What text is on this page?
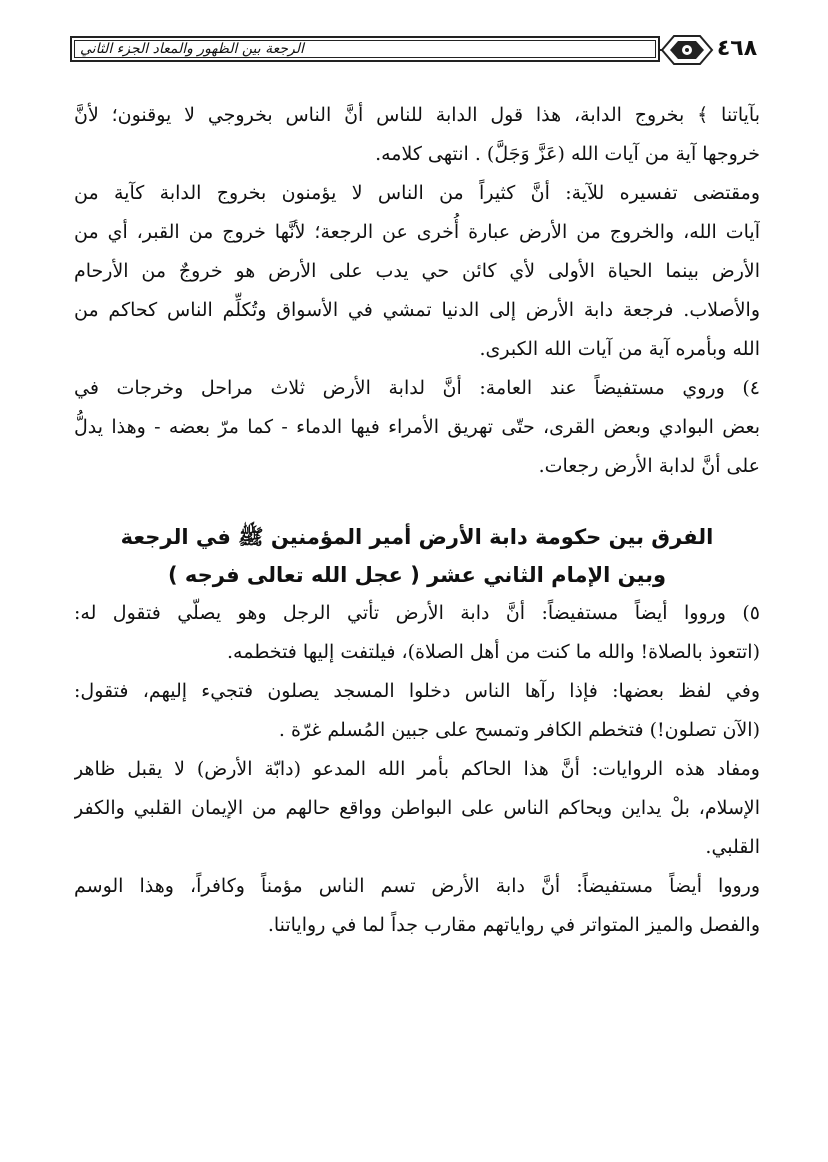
الرجعة بين الظهور والمعاد الجزء الثاني	٤٦٨
بآياتنا ﴾ بخروج الدابة، هذا قول الدابة للناس أنَّ الناس بخروجي لا يوقنون؛ لأنَّ
خروجها آية من آيات الله (عَزَّ وَجَلَّ) . انتهى كلامه.
ومقتضى تفسيره للآية: أنَّ كثيراً من الناس لا يؤمنون بخروج الدابة كآية من
آيات الله، والخروج من الأرض عبارة أُخرى عن الرجعة؛ لأنَّها خروج من القبر، أي من
الأرض بينما الحياة الأولى لأي كائن حي يدب على الأرض هو خروجٌ من الأرحام
والأصلاب. فرجعة دابة الأرض إلى الدنيا تمشي في الأسواق وتُكلِّم الناس كحاكم من
الله وبأمره آية من آيات الله الكبرى.
٤) وروي مستفيضاً عند العامة: أنَّ لدابة الأرض ثلاث مراحل وخرجات في
بعض البوادي وبعض القرى، حتّى تهريق الأمراء فيها الدماء - كما مرّ بعضه - وهذا يدلُّ
على أنَّ لدابة الأرض رجعات.
الفرق بين حكومة دابة الأرض أمير المؤمنين ﷺ في الرجعة
وبين الإمام الثاني عشر ( عجل الله تعالى فرجه )
٥) ورووا أيضاً مستفيضاً: أنَّ دابة الأرض تأتي الرجل وهو يصلّي فتقول له:
(اتتعوذ بالصلاة! والله ما كنت من أهل الصلاة)، فيلتفت إليها فتخطمه.
وفي لفظ بعضها: فإذا رآها الناس دخلوا المسجد يصلون فتجيء إليهم، فتقول:
(الآن تصلون!) فتخطم الكافر وتمسح على جبين المُسلم غرّة .
ومفاد هذه الروايات: أنَّ هذا الحاكم بأمر الله المدعو (دابّة الأرض) لا يقبل ظاهر
الإسلام، بلْ يداين ويحاكم الناس على البواطن وواقع حالهم من الإيمان القلبي والكفر
القلبي.
ورووا أيضاً مستفيضاً: أنَّ دابة الأرض تسم الناس مؤمناً وكافراً، وهذا الوسم
والفصل والميز المتواتر في رواياتهم مقارب جداً لما في رواياتنا.
